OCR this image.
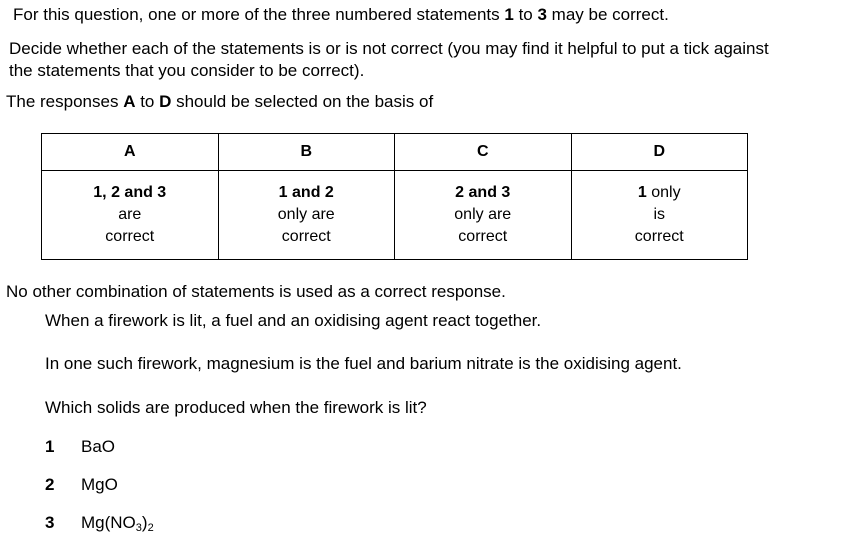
For this question, one or more of the three numbered statements 1 to 3 may be correct.
Decide whether each of the statements is or is not correct (you may find it helpful to put a tick against
the statements that you consider to be correct).
The responses A to D should be selected on the basis of
A	B	C	D

1, 2 and 3
are
correct	1 and 2
only are
correct	2 and 3
only are
correct	1 only
is
correct
No other combination of statements is used as a correct response.
When a firework is lit, a fuel and an oxidising agent react together.
In one such firework, magnesium is the fuel and barium nitrate is the oxidising agent.
Which solids are produced when the firework is lit?
1 BaO
2 MgO
3 $Mg(NO_3)_2$
